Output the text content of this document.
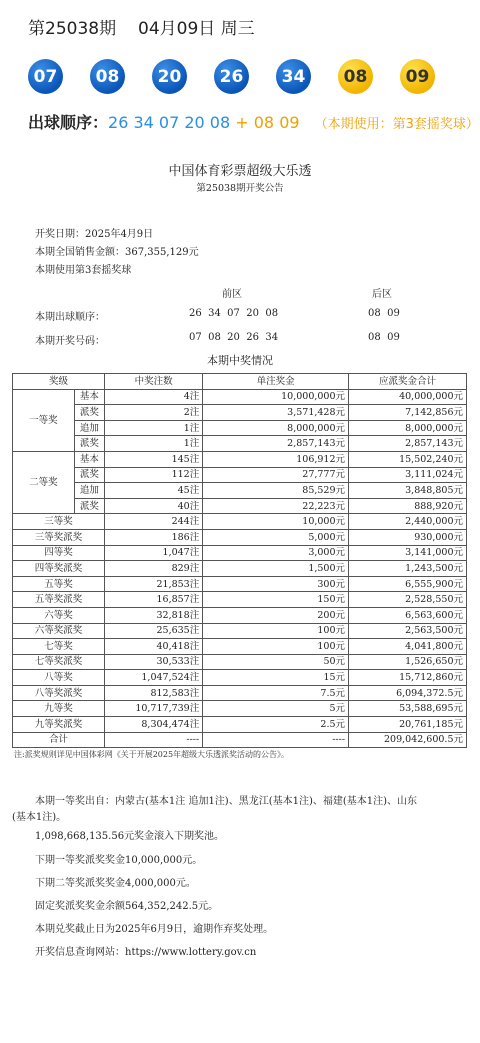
第25038期 04月09日 周三
07	08	20	26	34	08	09
出球顺序：26 34 07 20 08 + 08 09 （本期使用：第3套摇奖球）
中国体育彩票超级大乐透
第25038期开奖公告
开奖日期：2025年4月9日
本期全国销售金额：367,355,129元
本期使用第3套摇奖球
前区	后区
本期出球顺序：	26  34  07  20  08	08  09
本期开奖号码：	07  08  20  26  34	08  09
本期中奖情况
奖级		中奖注数	单注奖金	应派奖金合计
一等奖	基本	4注	10,000,000元	40,000,000元
	派奖	2注	3,571,428元	7,142,856元
	追加	1注	8,000,000元	8,000,000元
	派奖	1注	2,857,143元	2,857,143元
二等奖	基本	145注	106,912元	15,502,240元
	派奖	112注	27,777元	3,111,024元
	追加	45注	85,529元	3,848,805元
	派奖	40注	22,223元	888,920元
三等奖		244注	10,000元	2,440,000元
三等奖派奖		186注	5,000元	930,000元
四等奖		1,047注	3,000元	3,141,000元
四等奖派奖		829注	1,500元	1,243,500元
五等奖		21,853注	300元	6,555,900元
五等奖派奖		16,857注	150元	2,528,550元
六等奖		32,818注	200元	6,563,600元
六等奖派奖		25,635注	100元	2,563,500元
七等奖		40,418注	100元	4,041,800元
七等奖派奖		30,533注	50元	1,526,650元
八等奖		1,047,524注	15元	15,712,860元
八等奖派奖		812,583注	7.5元	6,094,372.5元
九等奖		10,717,739注	5元	53,588,695元
九等奖派奖		8,304,474注	2.5元	20,761,185元
合计		----	----	209,042,600.5元
注:派奖规则详见中国体彩网《关于开展2025年超级大乐透派奖活动的公告》。
本期一等奖出自：内蒙古(基本1注 追加1注)、黑龙江(基本1注)、福建(基本1注)、山东
(基本1注)。
1,098,668,135.56元奖金滚入下期奖池。
下期一等奖派奖奖金10,000,000元。
下期二等奖派奖奖金4,000,000元。
固定奖派奖奖金余额564,352,242.5元。
本期兑奖截止日为2025年6月9日，逾期作弃奖处理。
开奖信息查询网站：https://www.lottery.gov.cn
